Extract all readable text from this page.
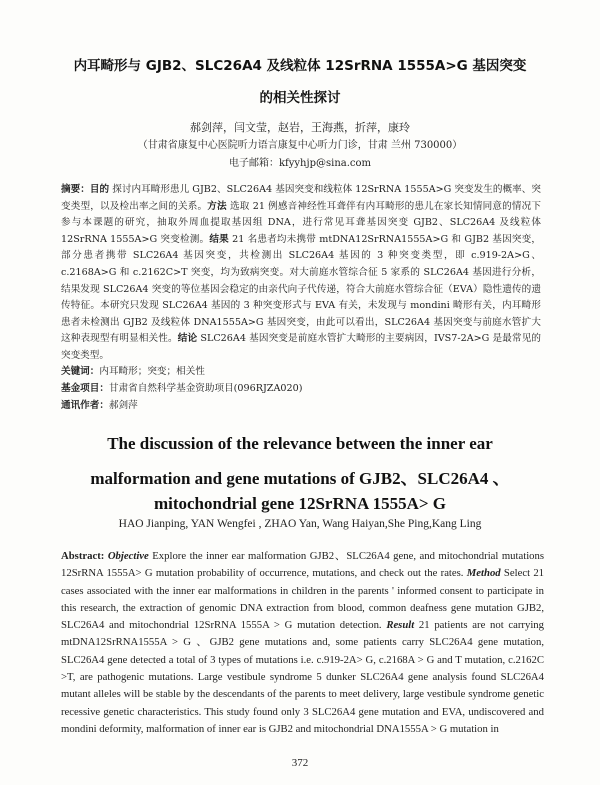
内耳畸形与 GJB2、SLC26A4 及线粒体 12SrRNA 1555A>G 基因突变
的相关性探讨
郝剑萍，闫文莹，赵岩，王海燕，折萍，康玲
（甘肃省康复中心医院听力语言康复中心听力门诊，甘肃 兰州 730000）
电子邮箱：kfyyhjp@sina.com

摘要：目的 探讨内耳畸形患儿 GJB2、SLC26A4 基因突变和线粒体 12SrRNA 1555A>G 突变发生的概率、突变类型，以及检出率之间的关系。方法 选取 21 例感音神经性耳聋伴有内耳畸形的患儿在家长知情同意的情况下参与本课题的研究，抽取外周血提取基因组 DNA，进行常见耳聋基因突变 GJB2、SLC26A4 及线粒体 12SrRNA 1555A>G 突变检测。结果 21 名患者均未携带 mtDNA12SrRNA1555A>G 和 GJB2 基因突变，部分患者携带 SLC26A4 基因突变，共检测出 SLC26A4 基因的 3 种突变类型，即 c.919-2A>G、c.2168A>G 和 c.2162C>T 突变，均为致病突变。对大前庭水管综合征 5 家系的 SLC26A4 基因进行分析，结果发现 SLC26A4 突变的等位基因会稳定的由亲代向子代传递，符合大前庭水管综合征（EVA）隐性遗传的遗传特征。本研究只发现 SLC26A4 基因的 3 种突变形式与 EVA 有关，未发现与 mondini 畸形有关，内耳畸形患者未检测出 GJB2 及线粒体 DNA1555A>G 基因突变，由此可以看出，SLC26A4 基因突变与前庭水管扩大这种表现型有明显相关性。结论 SLC26A4 基因突变是前庭水管扩大畸形的主要病因，IVS7-2A>G 是最常见的突变类型。

关键词：内耳畸形；突变；相关性
基金项目：甘肃省自然科学基金资助项目(096RJZA020)
通讯作者：郝剑萍
The discussion of the relevance between the inner ear
malformation and gene mutations of GJB2、SLC26A4 、
mitochondrial gene 12SrRNA 1555A> G
HAO Jianping, YAN Wengfei , ZHAO Yan, Wang Haiyan,She Ping,Kang Ling

Abstract: Objective Explore the inner ear malformation GJB2、SLC26A4 gene, and mitochondrial mutations 12SrRNA 1555A> G mutation probability of occurrence, mutations, and check out the rates. Method Select 21 cases associated with the inner ear malformations in children in the parents ' informed consent to participate in this research, the extraction of genomic DNA extraction from blood, common deafness gene mutation GJB2, SLC26A4 and mitochondrial 12SrRNA 1555A > G mutation detection. Result 21 patients are not carrying mtDNA12SrRNA1555A > G 、GJB2 gene mutations and, some patients carry SLC26A4 gene mutation, SLC26A4 gene detected a total of 3 types of mutations i.e. c.919-2A> G, c.2168A > G and T mutation, c.2162C >T, are pathogenic mutations. Large vestibule syndrome 5 dunker SLC26A4 gene analysis found SLC26A4 mutant alleles will be stable by the descendants of the parents to meet delivery, large vestibule syndrome genetic recessive genetic characteristics. This study found only 3 SLC26A4 gene mutation and EVA, undiscovered and mondini deformity, malformation of inner ear is GJB2 and mitochondrial DNA1555A > G mutation in

372
